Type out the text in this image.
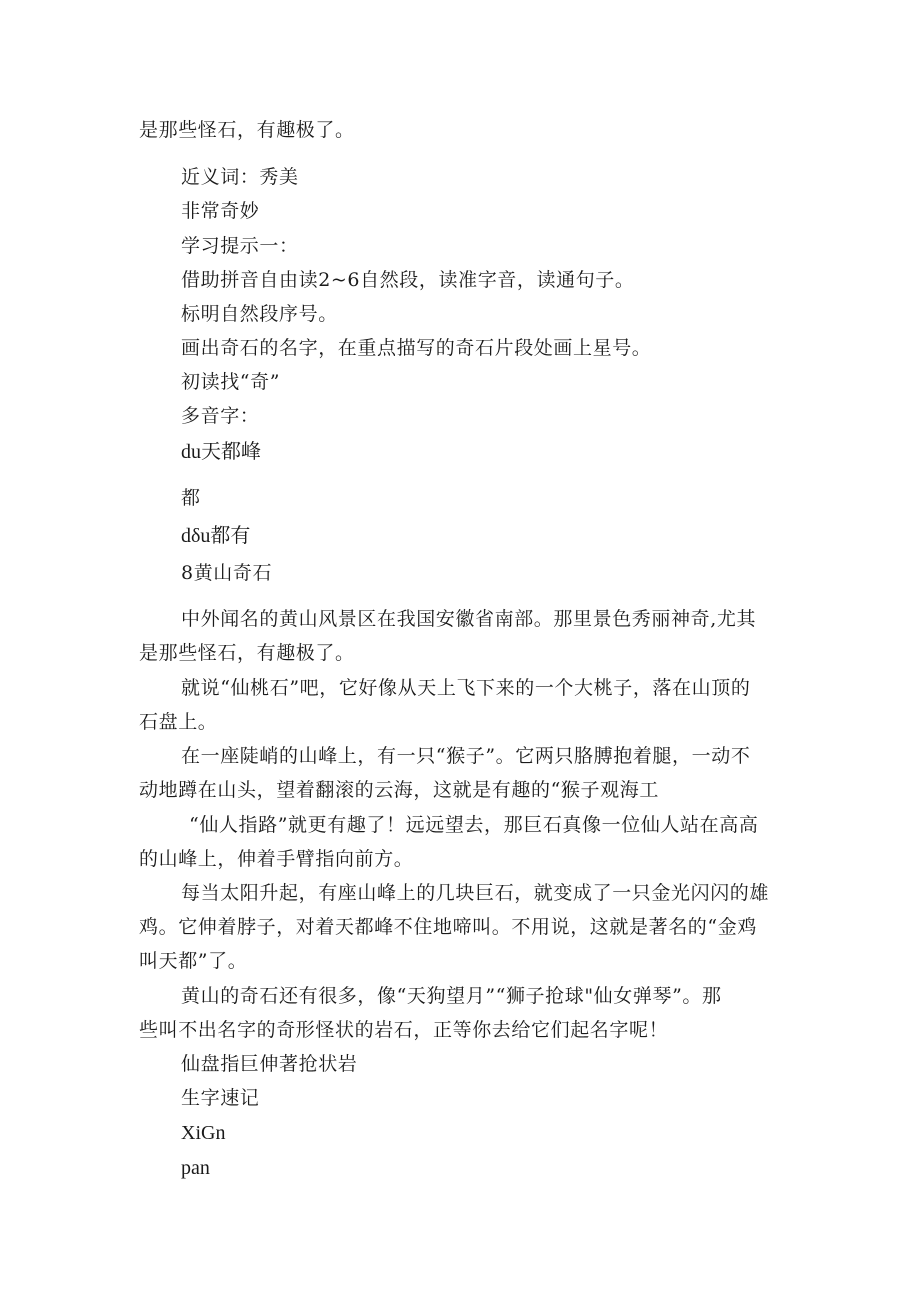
是那些怪石，有趣极了。
近义词：秀美
非常奇妙
学习提示一：
借助拼音自由读2~6自然段，读准字音，读通句子。
标明自然段序号。
画出奇石的名字，在重点描写的奇石片段处画上星号。
初读找“奇”
多音字：
du天都峰
都
dδu都有
8黄山奇石
中外闻名的黄山风景区在我国安徽省南部。那里景色秀丽神奇,尤其
是那些怪石，有趣极了。
就说“仙桃石”吧，它好像从天上飞下来的一个大桃子，落在山顶的
石盘上。
在一座陡峭的山峰上，有一只“猴子”。它两只胳膊抱着腿，一动不
动地蹲在山头，望着翻滚的云海，这就是有趣的“猴子观海工
“仙人指路”就更有趣了！远远望去，那巨石真像一位仙人站在高高
的山峰上，伸着手臂指向前方。
每当太阳升起，有座山峰上的几块巨石，就变成了一只金光闪闪的雄
鸡。它伸着脖子，对着天都峰不住地啼叫。不用说，这就是著名的“金鸡
叫天都”了。
黄山的奇石还有很多，像“天狗望月”“狮子抢球"仙女弹琴”。那
些叫不出名字的奇形怪状的岩石，正等你去给它们起名字呢！
仙盘指巨伸著抢状岩
生字速记
XiGn
pan
